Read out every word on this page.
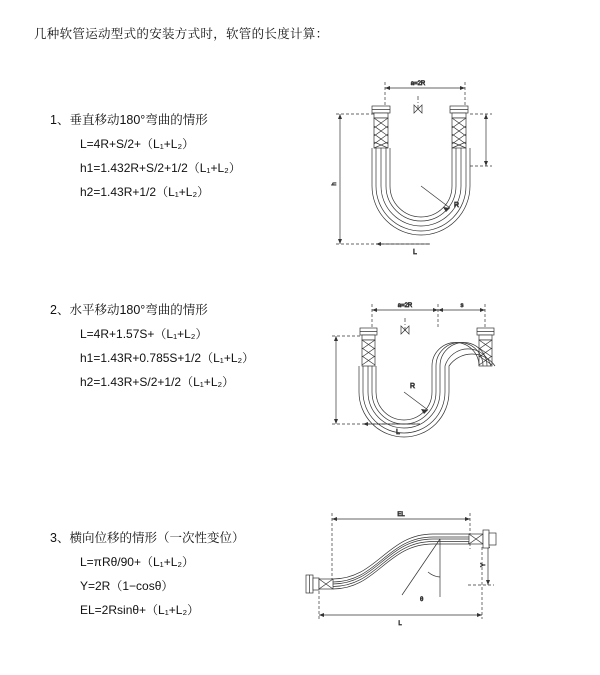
几种软管运动型式的安装方式时，软管的长度计算：
1、垂直移动180°弯曲的情形
L=4R+S/2+（L₁+L₂）
h1=1.432R+S/2+1/2（L₁+L₂）
h2=1.43R+1/2（L₁+L₂）
a=2R
h
R
L
2、水平移动180°弯曲的情形
L=4R+1.57S+（L₁+L₂）
h1=1.43R+0.785S+1/2（L₁+L₂）
h2=1.43R+S/2+1/2（L₁+L₂）
a=2R	s
R
L
3、横向位移的情形（一次性变位）
L=πRθ/90+（L₁+L₂）
Y=2R（1−cosθ）
EL=2Rsinθ+（L₁+L₂）
EL
Y
θ
L
